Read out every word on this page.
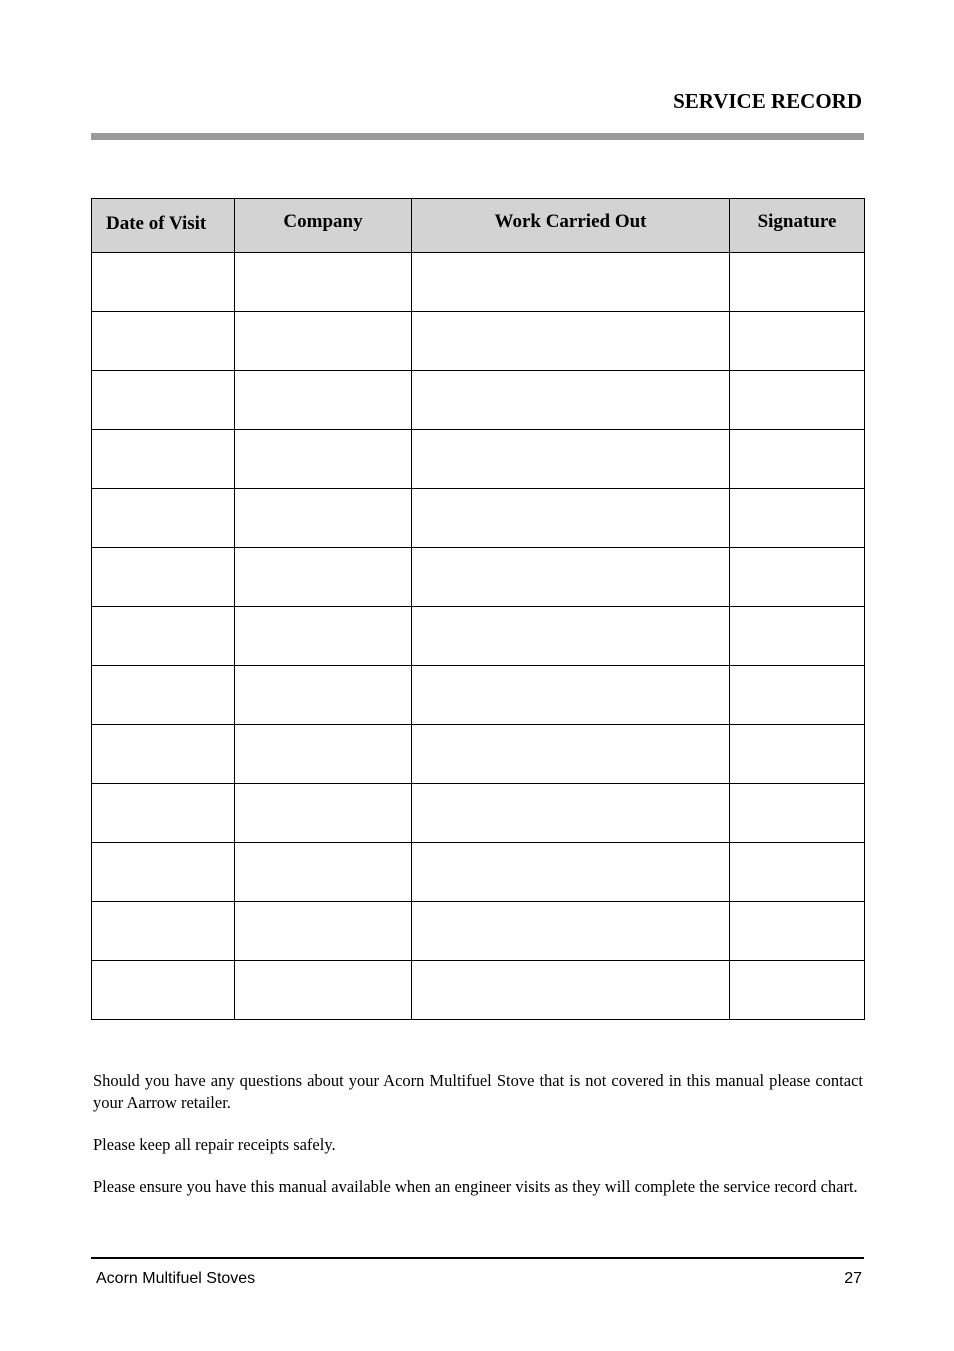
SERVICE RECORD
Date of Visit	Company	Work Carried Out	Signature

Should you have any questions about your Acorn Multifuel Stove that is not covered in this manual please contact your Aarrow retailer.

Please keep all repair receipts safely.

Please ensure you have this manual available when an engineer visits as they will complete the service record chart.

Acorn Multifuel Stoves	27
